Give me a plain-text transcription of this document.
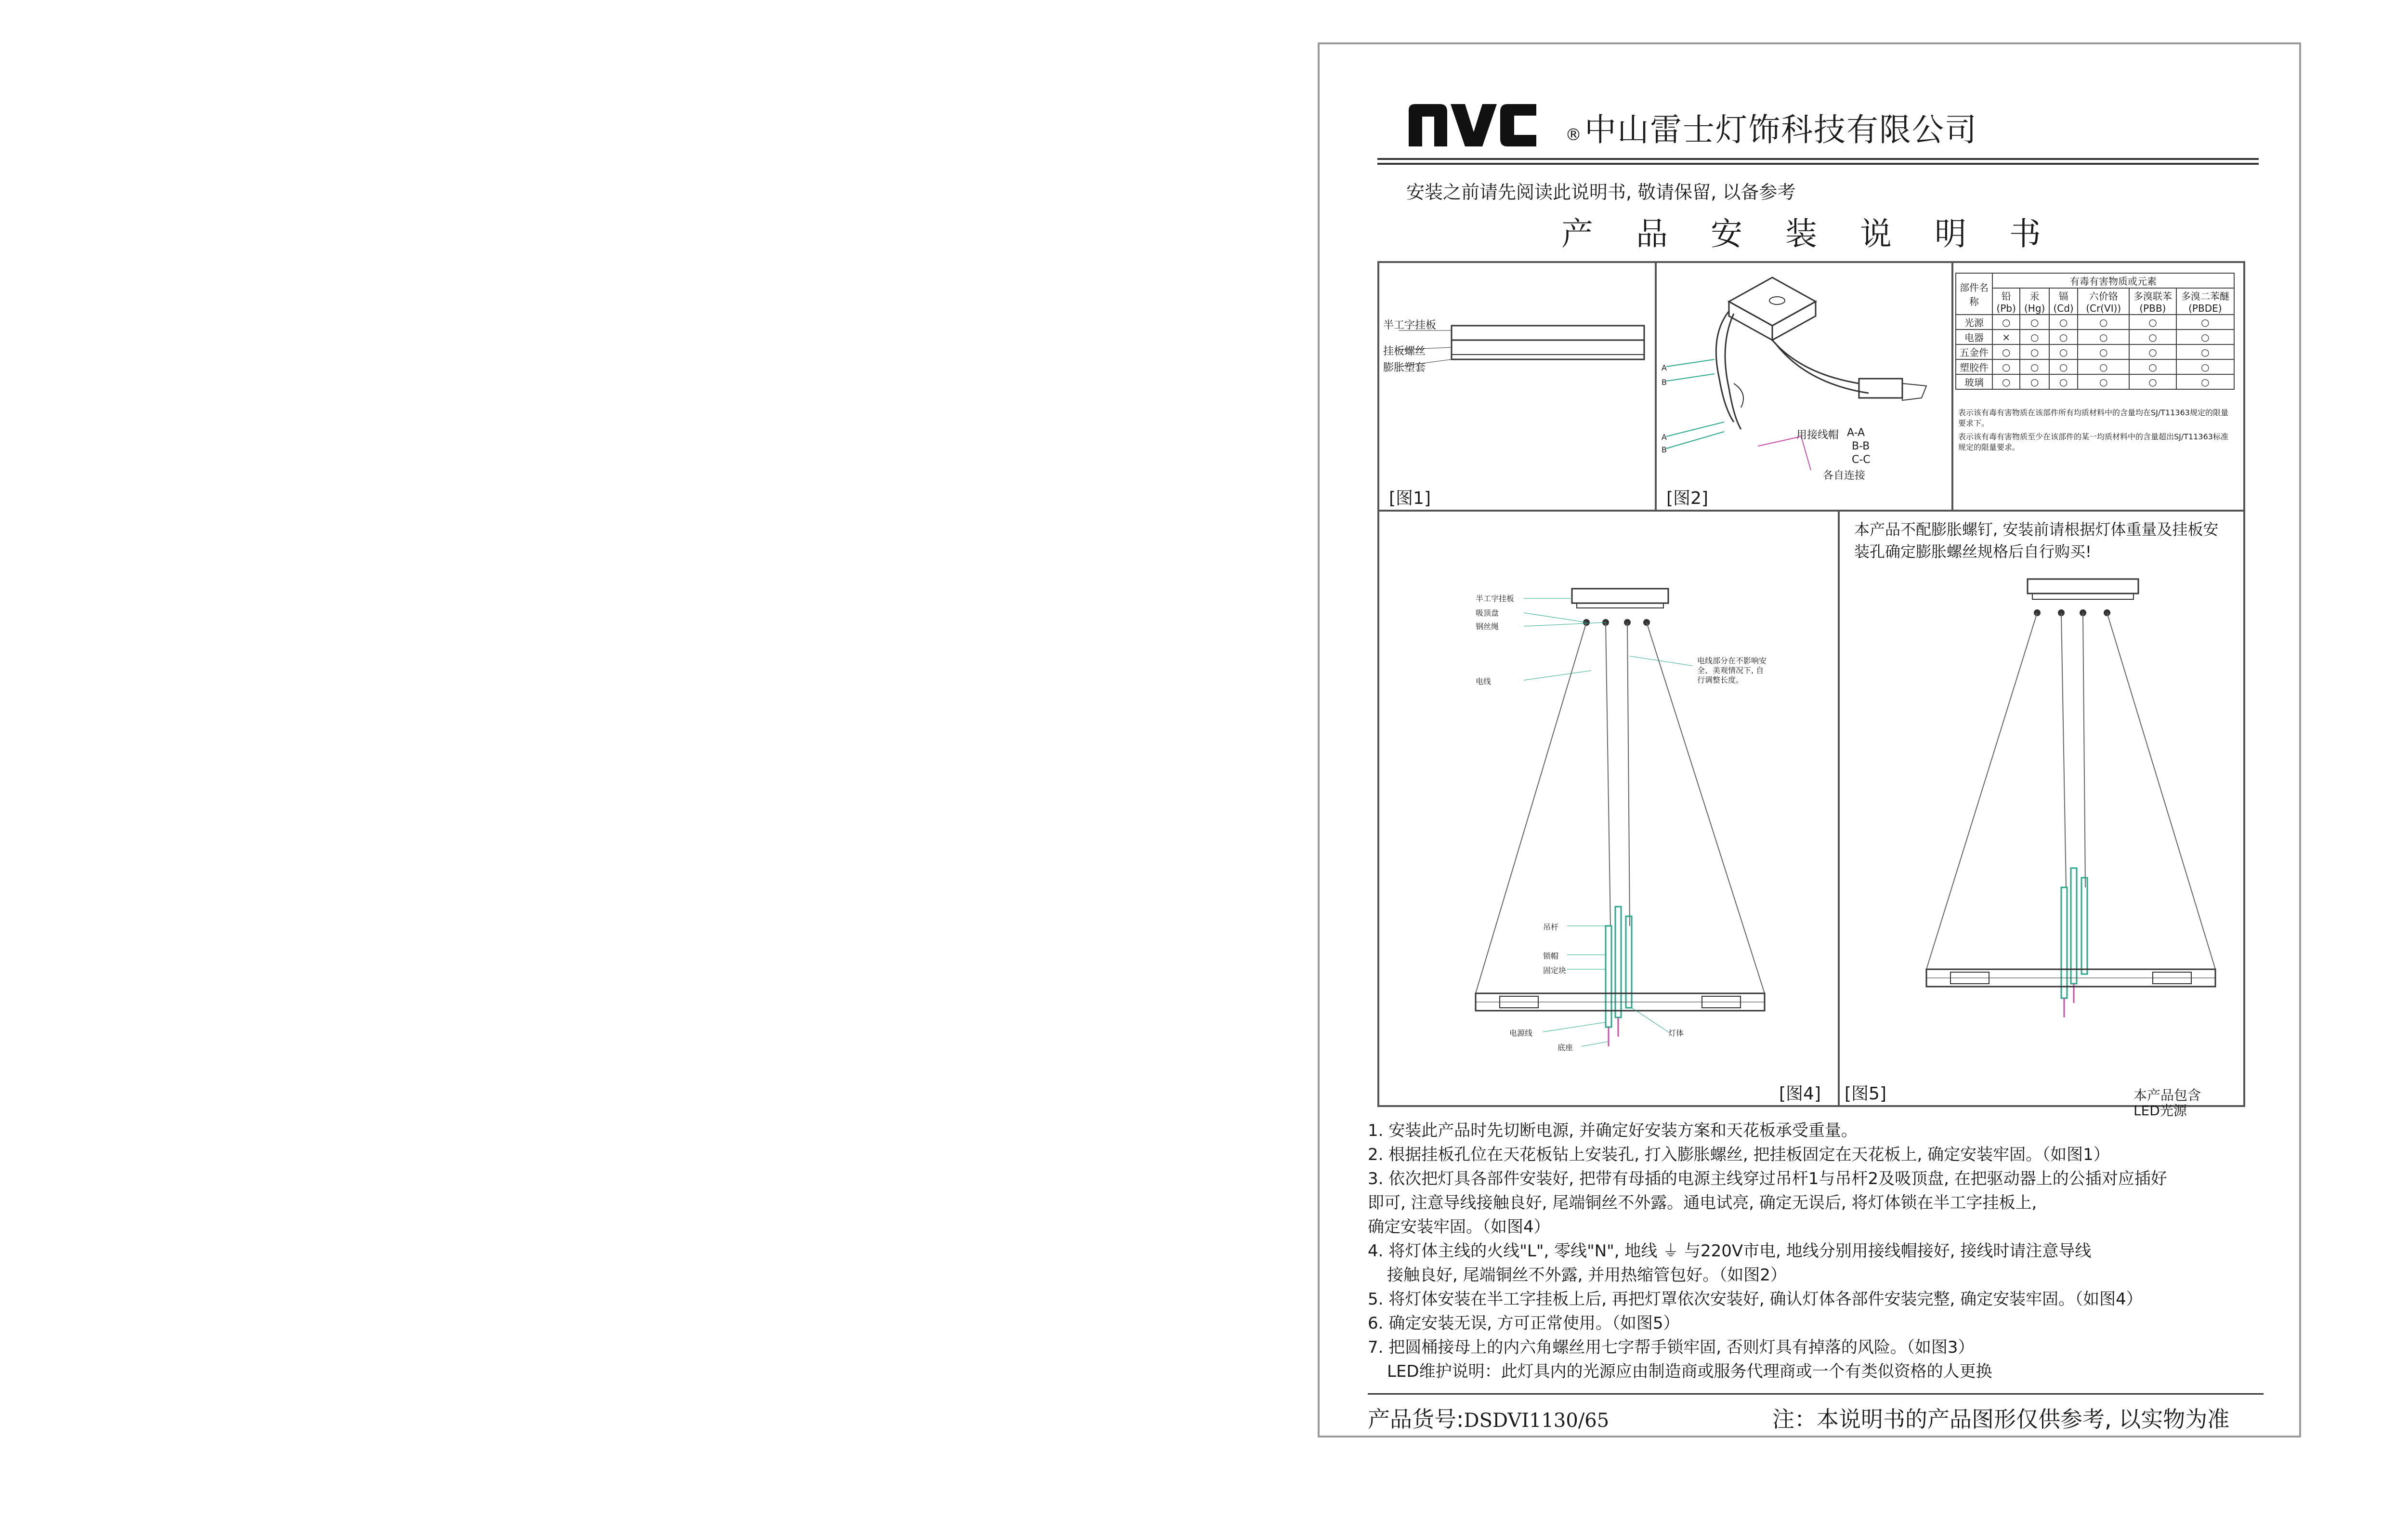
® 中山雷士灯饰科技有限公司
安装之前请先阅读此说明书, 敬请保留, 以备参考
产 品 安 装 说 明 书
半工字挂板
挂板螺丝
膨胀塑套
[图1]
A
B
A
B
用接线帽 A-A
B-B
C-C
各自连接
[图2]
部件名称	有毒有害物质或元素					
	铅 (Pb)	汞 (Hg)	镉 (Cd)	六价铬 (Cr(VI))	多溴联苯 (PBB)	多溴二苯醚 (PBDE)
光源	○	○	○	○	○	○
电器	×	○	○	○	○	○
五金件	○	○	○	○	○	○
塑胶件	○	○	○	○	○	○
玻璃	○	○	○	○	○	○
表示该有毒有害物质在该部件所有均质材料中的含量均在SJ/T11363规定的限量要求下。
表示该有毒有害物质至少在该部件的某一均质材料中的含量超出SJ/T11363标准规定的限量要求。
半工字挂板
吸顶盘
钢丝绳
电线
电线部分在不影响安全、美观情况下, 自行调整长度。
吊杆
锁帽
固定块
电源线
底座
灯体
[图4]
本产品不配膨胀螺钉, 安装前请根据灯体重量及挂板安装孔确定膨胀螺丝规格后自行购买!
[图5]	本产品包含LED光源
1. 安装此产品时先切断电源, 并确定好安装方案和天花板承受重量。
2. 根据挂板孔位在天花板钻上安装孔, 打入膨胀螺丝, 把挂板固定在天花板上, 确定安装牢固。（如图1）
3. 依次把灯具各部件安装好, 把带有母插的电源主线穿过吊杆1与吊杆2及吸顶盘, 在把驱动器上的公插对应插好
即可, 注意导线接触良好, 尾端铜丝不外露。通电试亮, 确定无误后, 将灯体锁在半工字挂板上,
确定安装牢固。（如图4）
4. 将灯体主线的火线"L", 零线"N", 地线 ⏚ 与220V市电, 地线分别用接线帽接好, 接线时请注意导线
接触良好, 尾端铜丝不外露, 并用热缩管包好。（如图2）
5. 将灯体安装在半工字挂板上后, 再把灯罩依次安装好, 确认灯体各部件安装完整, 确定安装牢固。（如图4）
6. 确定安装无误, 方可正常使用。（如图5）
7. 把圆桶接母上的内六角螺丝用七字帮手锁牢固, 否则灯具有掉落的风险。（如图3）
LED维护说明：此灯具内的光源应由制造商或服务代理商或一个有类似资格的人更换
产品货号:DSDVI1130/65	注：本说明书的产品图形仅供参考, 以实物为准
